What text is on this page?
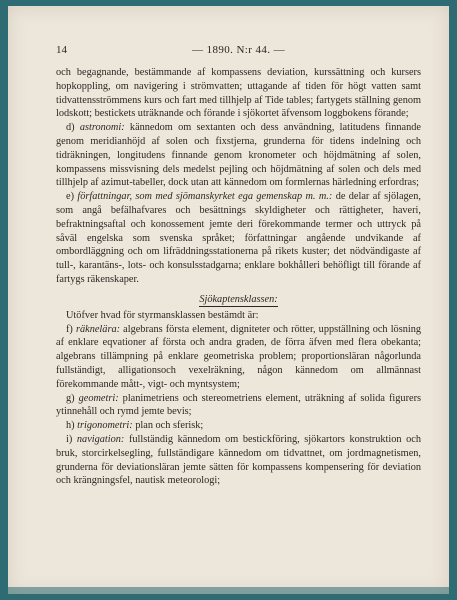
14	— 1890. N:r 44. —

och begagnande, bestämmande af kompassens deviation, kurssättning och kursers hopkoppling, om navigering i strömvatten; uttagande af tiden för högt vatten samt tidvattensströmmens kurs och fart med tillhjelp af Tide tables; fartygets ställning genom lodskott; bestickets uträknande och förande i sjökortet äfvensom loggbokens förande;

d) astronomi: kännedom om sextanten och dess användning, latitudens finnande genom meridianhöjd af solen och fixstjerna, grunderna för tidens indelning och tidräkningen, longitudens finnande genom kronometer och höjdmätning af solen, kompassens missvisning dels medelst pejling och höjdmätning af solen och dels med tillhjelp af azimut-tabeller, dock utan att kännedom om formlernas härledning erfordras;

e) författningar, som med sjömanskyrket ega gemenskap m. m.: de delar af sjölagen, som angå befälhafvares och besättnings skyldigheter och rättigheter, haveri, befraktningsaftal och konossement jemte deri förekommande termer och uttryck på såväl engelska som svenska språket; författningar angående undvikande af ombordläggning och om lifräddningsstationerna på rikets kuster; det nödvändigaste af tull-, karantäns-, lots- och konsulsstadgarna; enklare bokhålleri behöfligt till förande af fartygs räkenskaper.

Sjökaptensklassen:

Utöfver hvad för styrmansklassen bestämdt är:

f) räknelära: algebrans första element, digniteter och rötter, uppställning och lösning af enklare eqvationer af första och andra graden, de förra äfven med flera obekanta; algebrans tillämpning på enklare geometriska problem; proportionsläran någorlunda fullständigt, alligationsoch vexelräkning, någon kännedom om allmännast förekommande mått-, vigt- och myntsystem;

g) geometri: planimetriens och stereometriens element, uträkning af solida figurers ytinnehåll och rymd jemte bevis;

h) trigonometri: plan och sferisk;

i) navigation: fullständig kännedom om bestickföring, sjökartors konstruktion och bruk, storcirkelsegling, fullständigare kännedom om tidvattnet, om jordmagnetismen, grunderna för deviationsläran jemte sätten för kompassens kompensering för deviation och krängningsfel, nautisk meteorologi;
